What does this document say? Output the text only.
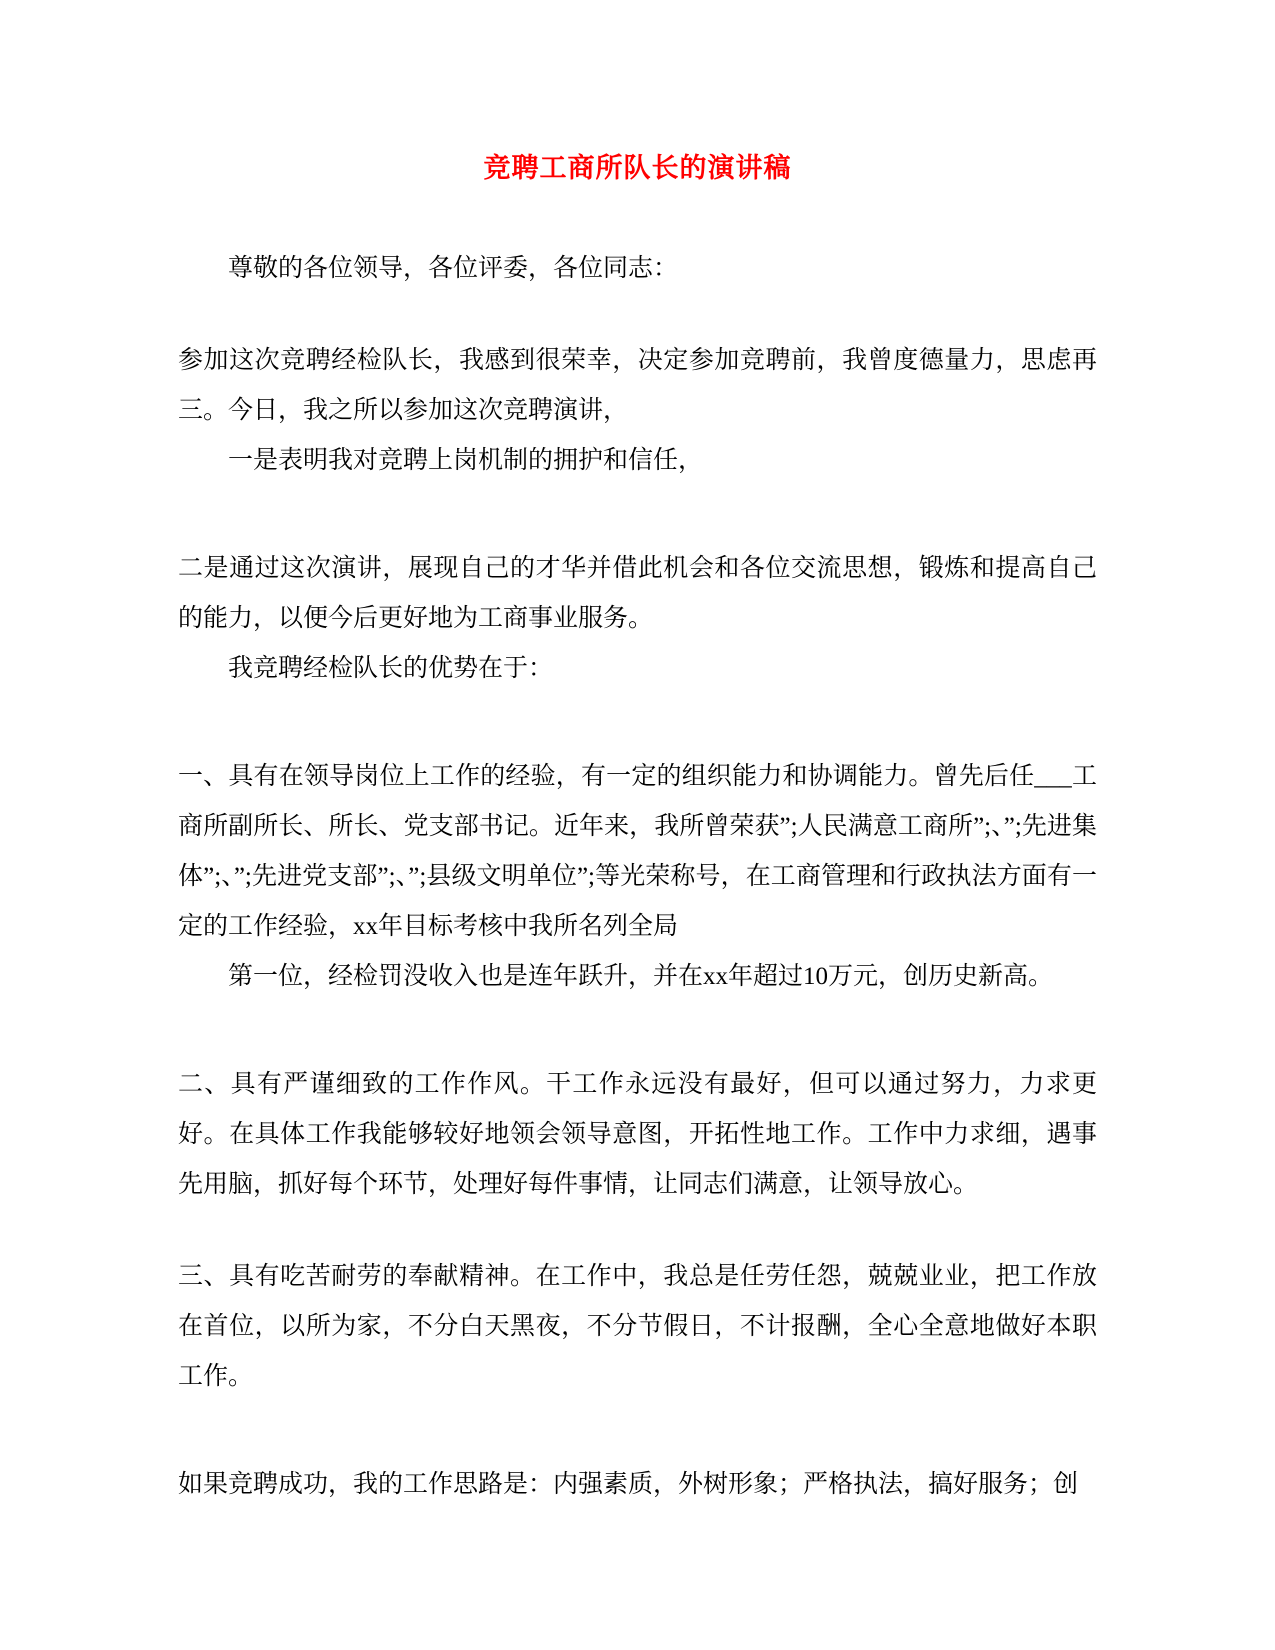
竞聘工商所队长的演讲稿

尊敬的各位领导，各位评委，各位同志：

参加这次竞聘经检队长，我感到很荣幸，决定参加竞聘前，我曾度德量力，思虑再三。今日，我之所以参加这次竞聘演讲，

一是表明我对竞聘上岗机制的拥护和信任，

二是通过这次演讲，展现自己的才华并借此机会和各位交流思想，锻炼和提高自己的能力，以便今后更好地为工商事业服务。

我竞聘经检队长的优势在于：

一、具有在领导岗位上工作的经验，有一定的组织能力和协调能力。曾先后任___工商所副所长、所长、党支部书记。近年来，我所曾荣获”;人民满意工商所”;、”;先进集体”;、”;先进党支部”;、”;县级文明单位”;等光荣称号，在工商管理和行政执法方面有一定的工作经验，xx年目标考核中我所名列全局

第一位，经检罚没收入也是连年跃升，并在xx年超过10万元，创历史新高。

二、具有严谨细致的工作作风。干工作永远没有最好，但可以通过努力，力求更好。在具体工作我能够较好地领会领导意图，开拓性地工作。工作中力求细，遇事先用脑，抓好每个环节，处理好每件事情，让同志们满意，让领导放心。

三、具有吃苦耐劳的奉献精神。在工作中，我总是任劳任怨，兢兢业业，把工作放在首位，以所为家，不分白天黑夜，不分节假日，不计报酬，全心全意地做好本职工作。

如果竞聘成功，我的工作思路是：内强素质，外树形象；严格执法，搞好服务；创
